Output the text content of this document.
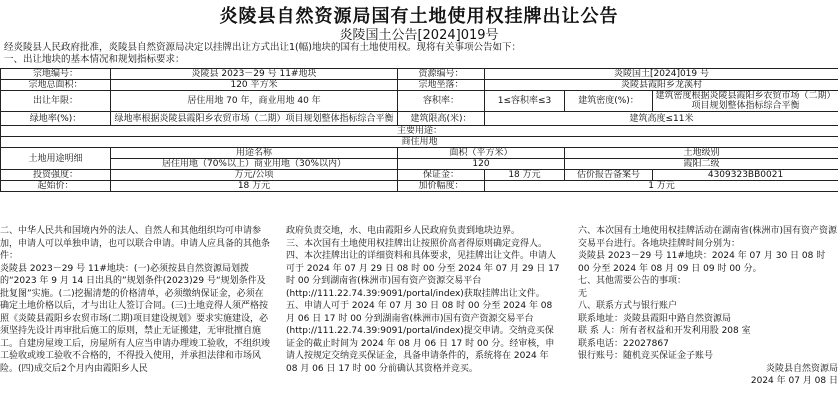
炎陵县自然资源局国有土地使用权挂牌出让公告
炎陵国土公告[2024]019号
经炎陵县人民政府批准，炎陵县自然资源局决定以挂牌出让方式出让1(幅)地块的国有土地使用权。现将有关事项公告如下：
一、出让地块的基本情况和规划指标要求：
宗地编号：	炎陵县 2023－29 号 11#地块	资源编号：	炎陵国土[2024]019 号		
宗地总面积：	120 平方米	宗地坐落：	炎陵县霞阳乡龙溪村		
出让年限：	居住用地 70 年，商业用地 40 年	容积率：	1≤容积率≤3	建筑密度(%)：	建筑密度根据炎陵县霞阳乡农贸市场（二期）项目规划整体指标综合平衡
绿地率(%)：	绿地率根据炎陵县霞阳乡农贸市场（二期）项目规划整体指标综合平衡	建筑限高(米)：	建筑高度≤11米		
主要用途：					
商住用地					
土地用途明细	用途名称	面积（平方米）		土地级别	
	居住用地（70%以上）商业用地（30%以内）	120		霞阳二级	
投资强度：	万元/公顷	保证金：	18 万元	估价报告备案号	4309323BB0021
起始价：	18 万元	加价幅度：	1 万元		

二、中华人民共和国境内外的法人、自然人和其他组织均可申请参加，申请人可以单独申请，也可以联合申请。申请人应具备的其他条件：

炎陵县 2023－29 号 11#地块：(一)必须按县自然资源局划拨的“2023 年 9 月 14 日出具的”规划条件(2023)29 号“规划条件及批复图”实施。(二)挖掘清楚的价格清单，必须缴纳保证金，必须在确定土地价格以后，才与出让人签订合同。(三)土地竞得人须严格按照《炎陵县霞阳乡农贸市场(二期)项目建设规划》要求实施建设，必须坚持先设计再审批后施工的原则，禁止无证搬建，无审批擅自施工。自建房屋竣工后，房屋所有人应当申请办理竣工验收，不组织竣工验收或竣工验收不合格的，不得投入使用，并承担法律和市场风险。(四)成交后2个月内由霞阳乡人民

政府负责交地，水、电由霞阳乡人民政府负责到地块边界。

三、本次国有土地使用权挂牌出让按照价高者得原则确定竞得人。

四、本次挂牌出让的详细资料和具体要求，见挂牌出让文件。申请人可于 2024 年 07 月 29 日 08 时 00 分至 2024 年 07 月 29 日 17 时 00 分到湖南省(株洲市)国有资产资源交易平台(http://111.22.74.39:9091/portal/index)获取挂牌出让文件。

五、申请人可于 2024 年 07 月 30 日 08 时 00 分至 2024 年 08 月 06 日 17 时 00 分到湖南省(株洲市)国有资产资源交易平台(http://111.22.74.39:9091/portal/index)提交申请。交纳竞买保证金的截止时间为 2024 年 08 月 06 日 17 时 00 分。经审核，申请人按规定交纳竞买保证金，具备申请条件的，系统将在 2024 年 08 月 06 日 17 时 00 分前确认其资格并竞买。

六、本次国有土地使用权挂牌活动在湖南省(株洲市)国有资产资源交易平台进行。各地块挂牌时间分别为：

炎陵县 2023－29 号 11#地块：2024 年 07 月 30 日 08 时 00 分至 2024 年 08 月 09 日 09 时 00 分。

七、其他需要公告的事项：

无

八、联系方式与银行账户

联系地址：炎陵县霞阳中路自然资源局

联 系 人：所有者权益和开发利用股 208 室

联系电话：22027867

银行账号：随机竞买保证金子账号

炎陵县自然资源局

2024 年 07 月 08 日
